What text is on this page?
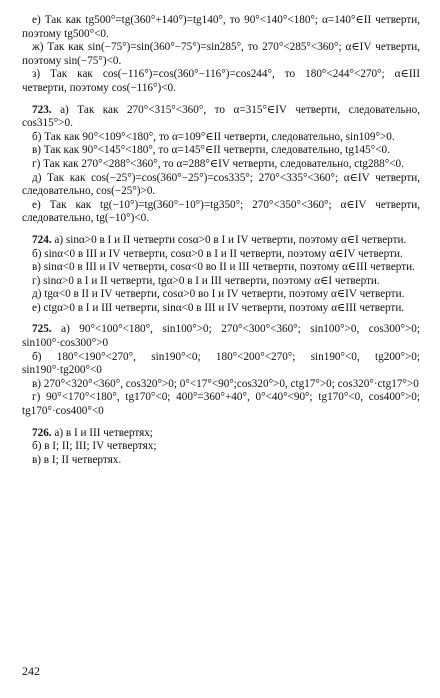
е) Так как tg500°=tg(360°+140°)=tg140°, то 90°<140°<180°; α=140°∈II четверти, поэтому tg500°<0.

ж) Так как sin(−75°)=sin(360°−75°)=sin285°, то 270°<285°<360°; α∈IV четверти, поэтому sin(−75°)<0.

з) Так как cos(−116°)=cos(360°−116°)=cos244°, то 180°<244°<270°; α∈III четверти, поэтому cos(−116°)<0.

723. а) Так как 270°<315°<360°, то α=315°∈IV четверти, следовательно, cos315°>0.

б) Так как 90°<109°<180°, то α=109°∈II четверти, следовательно, sin109°>0.

в) Так как 90°<145°<180°, то α=145°∈II четверти, следовательно, tg145°<0.

г) Так как 270°<288°<360°, то α=288°∈IV четверти, следовательно, ctg288°<0.

д) Так как cos(−25°)=cos(360°−25°)=cos335°; 270°<335°<360°; α∈IV четверти, следовательно, cos(−25°)>0.

е) Так как tg(−10°)=tg(360°−10°)=tg350°; 270°<350°<360°; α∈IV четверти, следовательно, tg(−10°)<0.

724. а) sinα>0 в I и II четверти cosα>0 в I и IV четверти, поэтому α∈I четверти.

б) sinα<0 в III и IV четверти, cosα>0 в I и II четверти, поэтому α∈IV четверти.

в) sinα<0 в III и IV четверти, cosα<0 во II и III четверти, поэтому α∈III четверти.

г) sinα>0 в I и II четверти, tgα>0 в I и III четверти, поэтому α∈I четверти.

д) tgα<0 в II и IV четверти, cosα>0 во I и IV четверти, поэтому α∈IV четверти.

е) ctgα>0 в I и III четверти, sinα<0 в III и IV четверти, поэтому α∈III четверти.

725. а) 90°<100°<180°, sin100°>0; 270°<300°<360°; sin100°>0, cos300°>0; sin100°·cos300°>0

б) 180°<190°<270°, sin190°<0; 180°<200°<270°; sin190°<0, tg200°>0; sin190°·tg200°<0

в) 270°<320°<360°, cos320°>0; 0°<17°<90°;cos320°>0, ctg17°>0; cos320°·ctg17°>0

г) 90°<170°<180°, tg170°<0; 400°=360°+40°, 0°<40°<90°; tg170°<0, cos400°>0; tg170°·cos400°<0

726. а) в I и III четвертях;

б) в I; II; III; IV четвертях;

в) в I; II четвертях.

242
